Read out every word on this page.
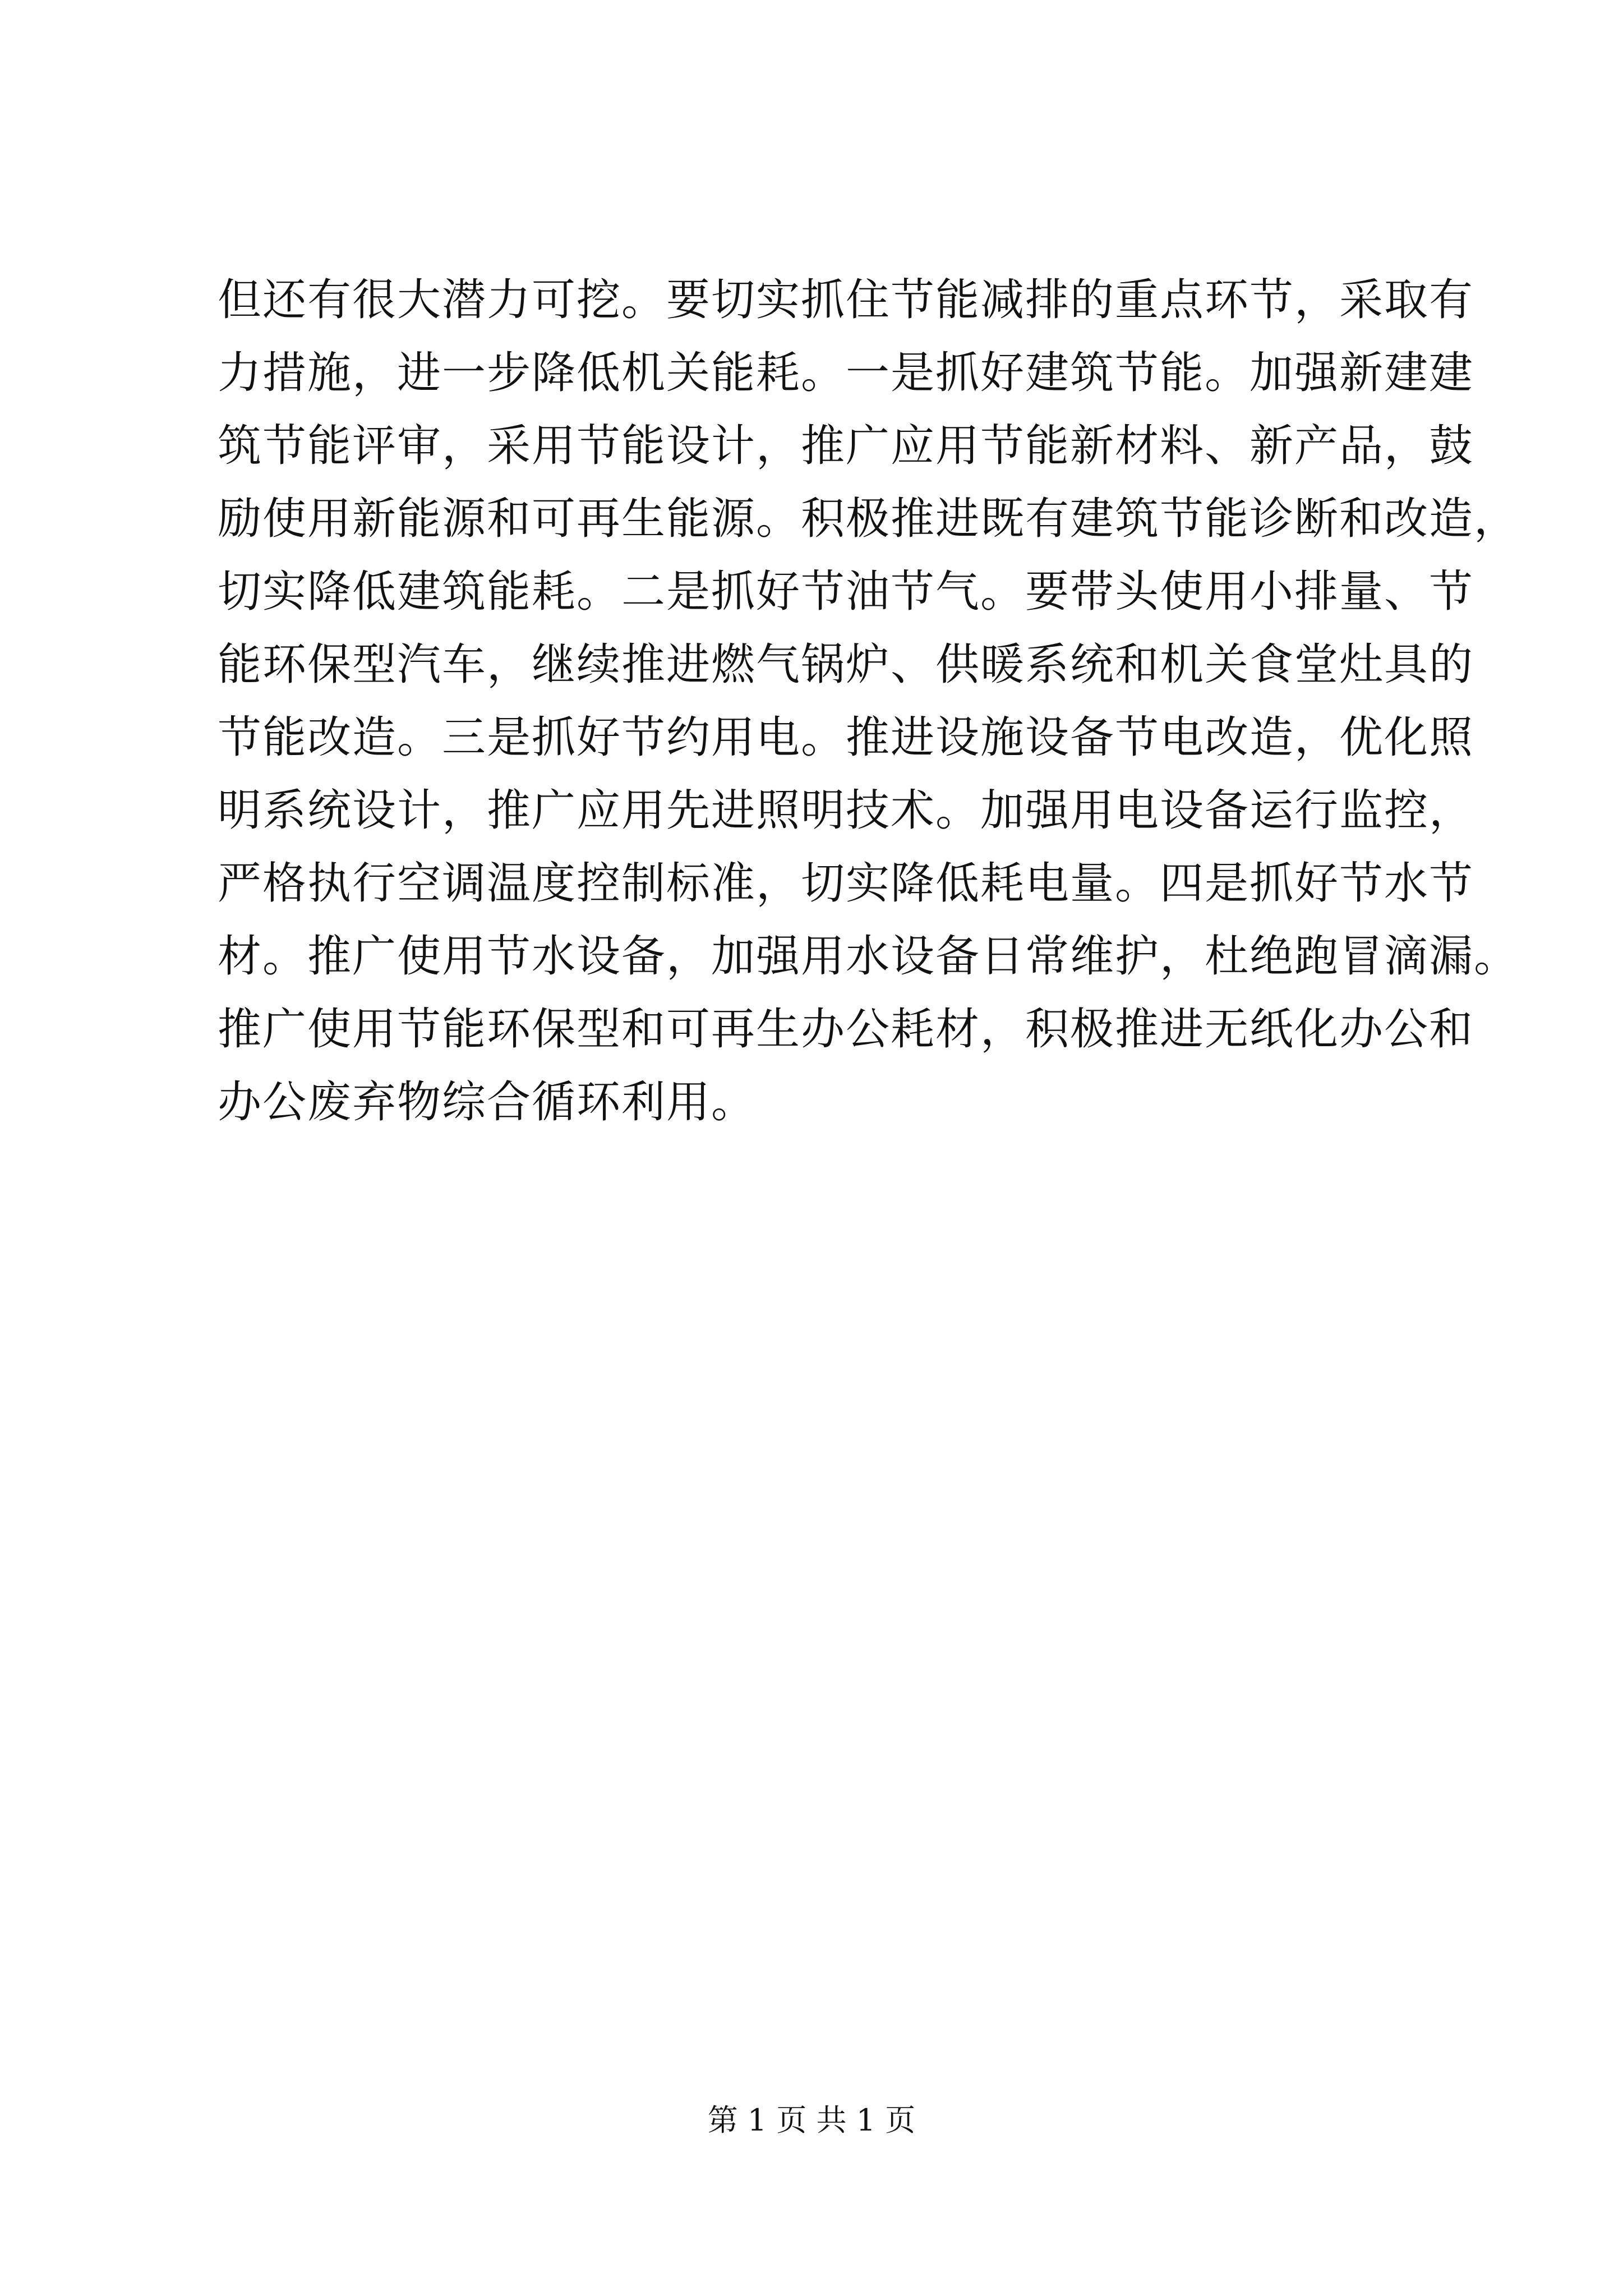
但还有很大潜力可挖。要切实抓住节能减排的重点环节，采取有
力措施，进一步降低机关能耗。一是抓好建筑节能。加强新建建
筑节能评审，采用节能设计，推广应用节能新材料、新产品，鼓
励使用新能源和可再生能源。积极推进既有建筑节能诊断和改造，
切实降低建筑能耗。二是抓好节油节气。要带头使用小排量、节
能环保型汽车，继续推进燃气锅炉、供暖系统和机关食堂灶具的
节能改造。三是抓好节约用电。推进设施设备节电改造，优化照
明系统设计，推广应用先进照明技术。加强用电设备运行监控，
严格执行空调温度控制标准，切实降低耗电量。四是抓好节水节
材。推广使用节水设备，加强用水设备日常维护，杜绝跑冒滴漏。
推广使用节能环保型和可再生办公耗材，积极推进无纸化办公和
办公废弃物综合循环利用。
第 1 页 共 1 页
